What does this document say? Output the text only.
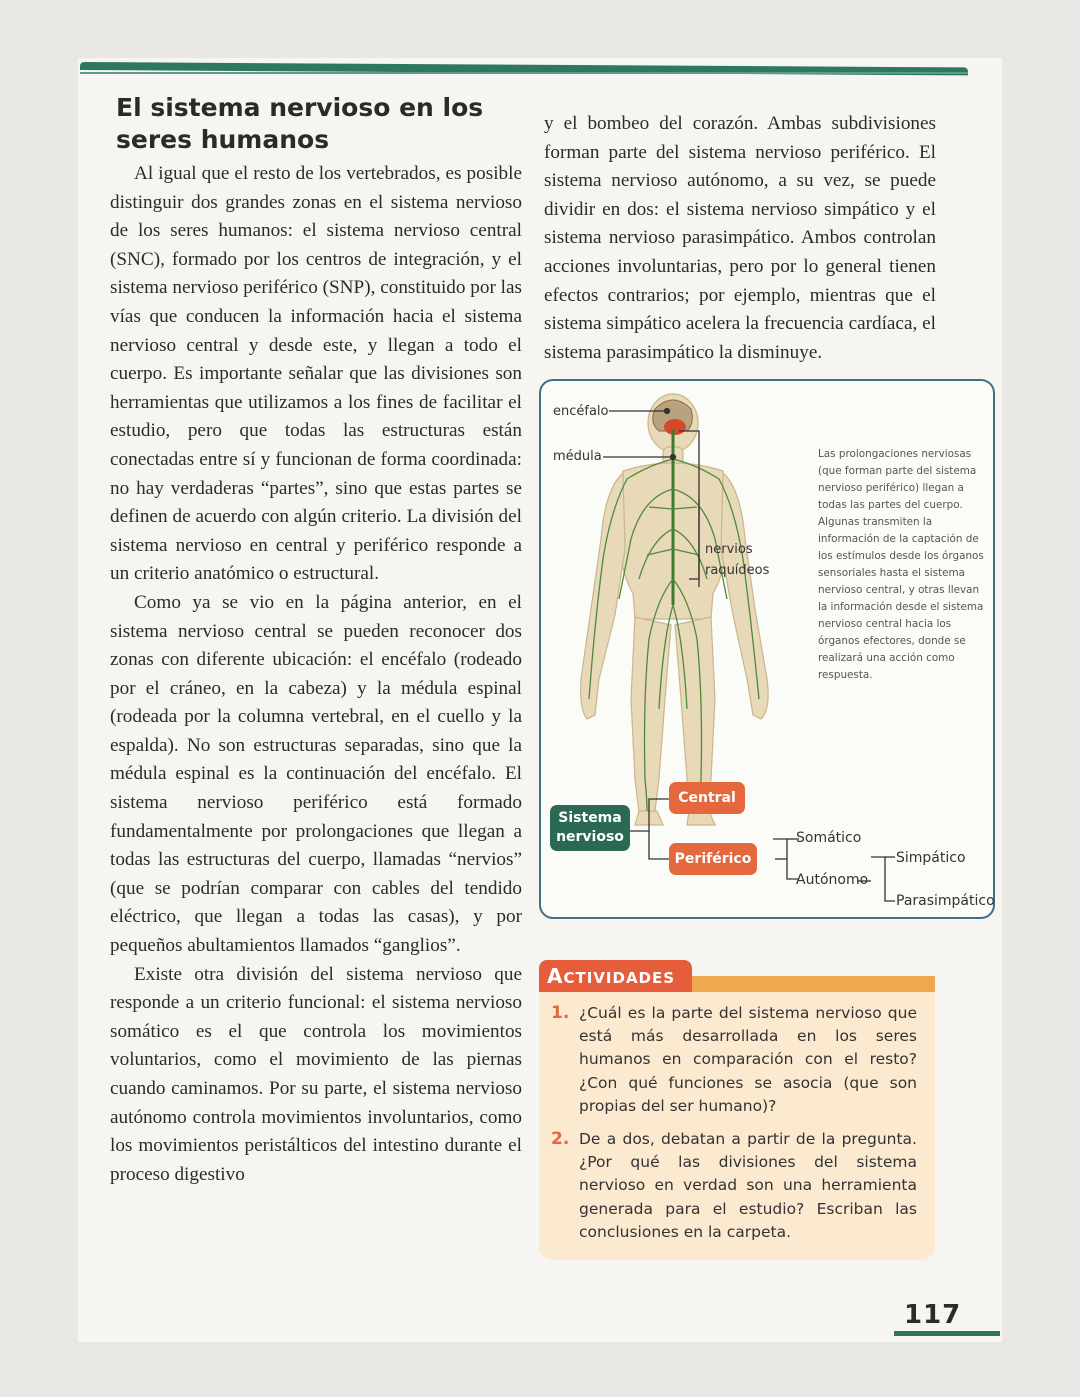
El sistema nervioso en los seres humanos

Al igual que el resto de los vertebrados, es posible distinguir dos grandes zonas en el sistema nervioso de los seres humanos: el sistema nervioso central (SNC), formado por los centros de integración, y el sistema nervioso periférico (SNP), constituido por las vías que conducen la información hacia el sistema nervioso central y desde este, y llegan a todo el cuerpo. Es importante señalar que las divisiones son herramientas que utilizamos a los fines de facilitar el estudio, pero que todas las estructuras están conectadas entre sí y funcionan de forma coordinada: no hay verdaderas “partes”, sino que estas partes se definen de acuerdo con algún criterio. La división del sistema nervioso en central y periférico responde a un criterio anatómico o estructural.

Como ya se vio en la página anterior, en el sistema nervioso central se pueden reconocer dos zonas con diferente ubicación: el encéfalo (rodeado por el cráneo, en la cabeza) y la médula espinal (rodeada por la columna vertebral, en el cuello y la espalda). No son estructuras separadas, sino que la médula espinal es la continuación del encéfalo. El sistema nervioso periférico está formado fundamentalmente por prolongaciones que llegan a todas las estructuras del cuerpo, llamadas “nervios” (que se podrían comparar con cables del tendido eléctrico, que llegan a todas las casas), y por pequeños abultamientos llamados “ganglios”.

Existe otra división del sistema nervioso que responde a un criterio funcional: el sistema nervioso somático es el que controla los movimientos voluntarios, como el movimiento de las piernas cuando caminamos. Por su parte, el sistema nervioso autónomo controla movimientos involuntarios, como los movimientos peristálticos del intestino durante el proceso digestivo

y el bombeo del corazón. Ambas subdivisiones forman parte del sistema nervioso periférico. El sistema nervioso autónomo, a su vez, se puede dividir en dos: el sistema nervioso simpático y el sistema nervioso parasimpático. Ambos controlan acciones involuntarias, pero por lo general tienen efectos contrarios; por ejemplo, mientras que el sistema simpático acelera la frecuencia cardíaca, el sistema parasimpático la disminuye.
encéfalo
médula
nervios
raquídeos
Las prolongaciones nerviosas (que forman parte del sistema nervioso periférico) llegan a todas las partes del cuerpo. Algunas transmiten la información de la captación de los estímulos desde los órganos sensoriales hasta el sistema nervioso central, y otras llevan la información desde el sistema nervioso central hacia los órganos efectores, donde se realizará una acción como respuesta.
Sistema
nervioso
Central
Periférico
Somático
Autónomo
Simpático
Parasimpático
ACTIVIDADES
1. ¿Cuál es la parte del sistema nervioso que está más desarrollada en los seres humanos en comparación con el resto? ¿Con qué funciones se asocia (que son propias del ser humano)?
2. De a dos, debatan a partir de la pregunta. ¿Por qué las divisiones del sistema nervioso en verdad son una herramienta generada para el estudio? Escriban las conclusiones en la carpeta.
117
